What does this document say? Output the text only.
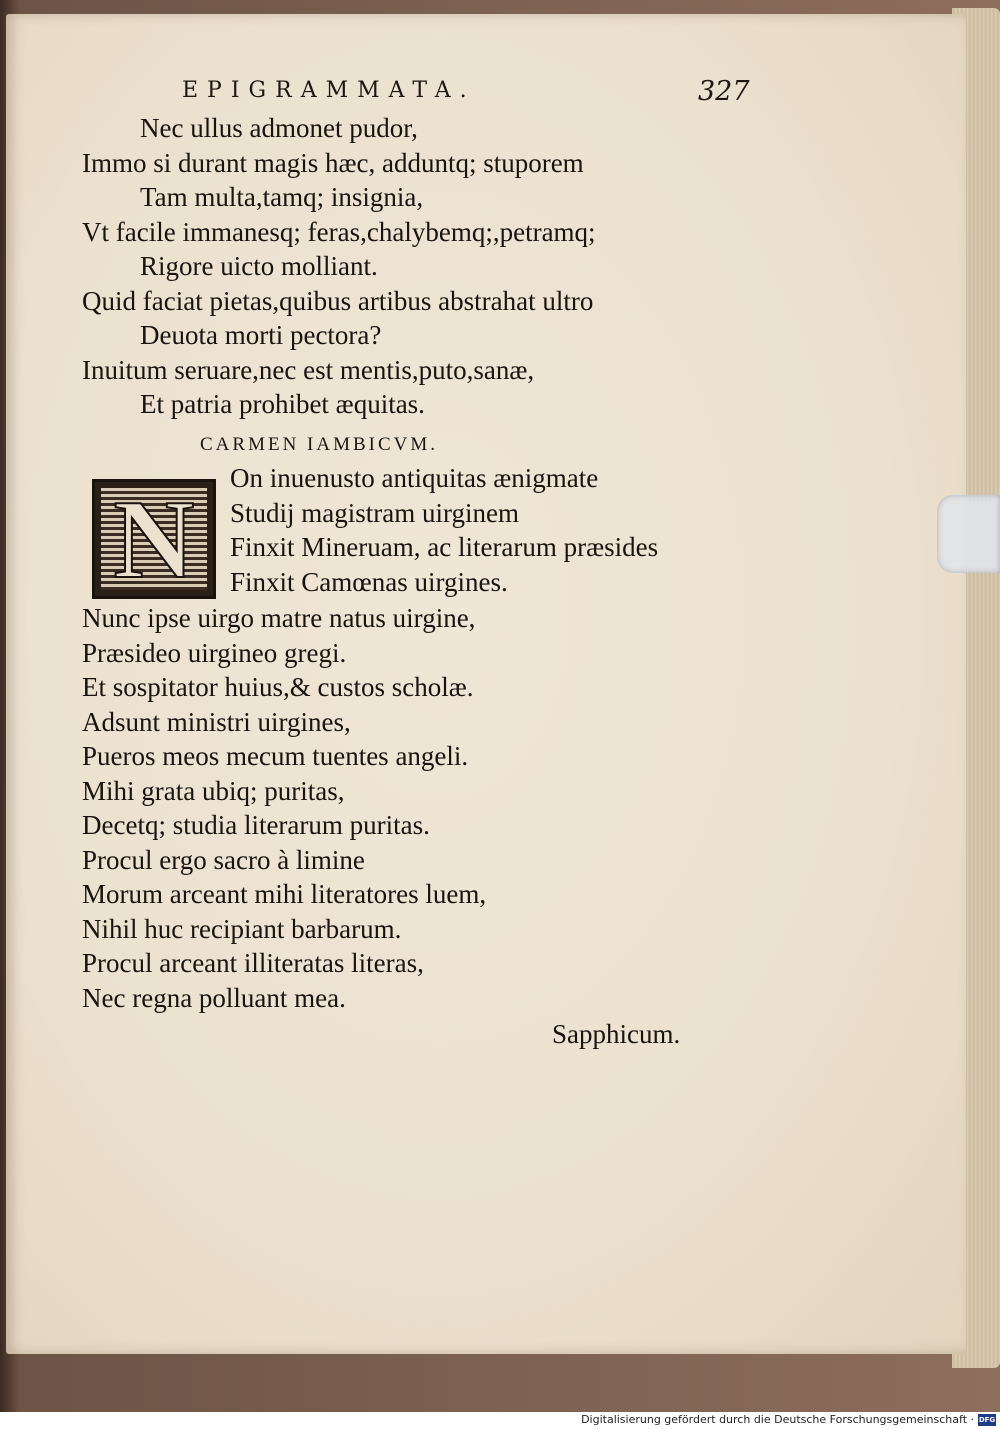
EPIGRAMMATA.	327
Nec ullus admonet pudor,
Immo si durant magis hæc, adduntq; stuporem
Tam multa,tamq; insignia,
Vt facile immanesq; feras,chalybemq;,petramq;
Rigore uicto molliant.
Quid faciat pietas,quibus artibus abstrahat ultro
Deuota morti pectora?
Inuitum seruare,nec est mentis,puto,sanæ,
Et patria prohibet æquitas.
CARMEN IAMBICVM.
N	On inuenusto antiquitas ænigmate
Studij magistram uirginem
Finxit Mineruam, ac literarum præsides
Finxit Camœnas uirgines.
Nunc ipse uirgo matre natus uirgine,
Præsideo uirgineo gregi.
Et sospitator huius,& custos scholæ.
Adsunt ministri uirgines,
Pueros meos mecum tuentes angeli.
Mihi grata ubiq; puritas,
Decetq; studia literarum puritas.
Procul ergo sacro à limine
Morum arceant mihi literatores luem,
Nihil huc recipiant barbarum.
Procul arceant illiteratas literas,
Nec regna polluant mea.
Sapphicum.
Digitalisierung gefördert durch die Deutsche Forschungsgemeinschaft · DFG
